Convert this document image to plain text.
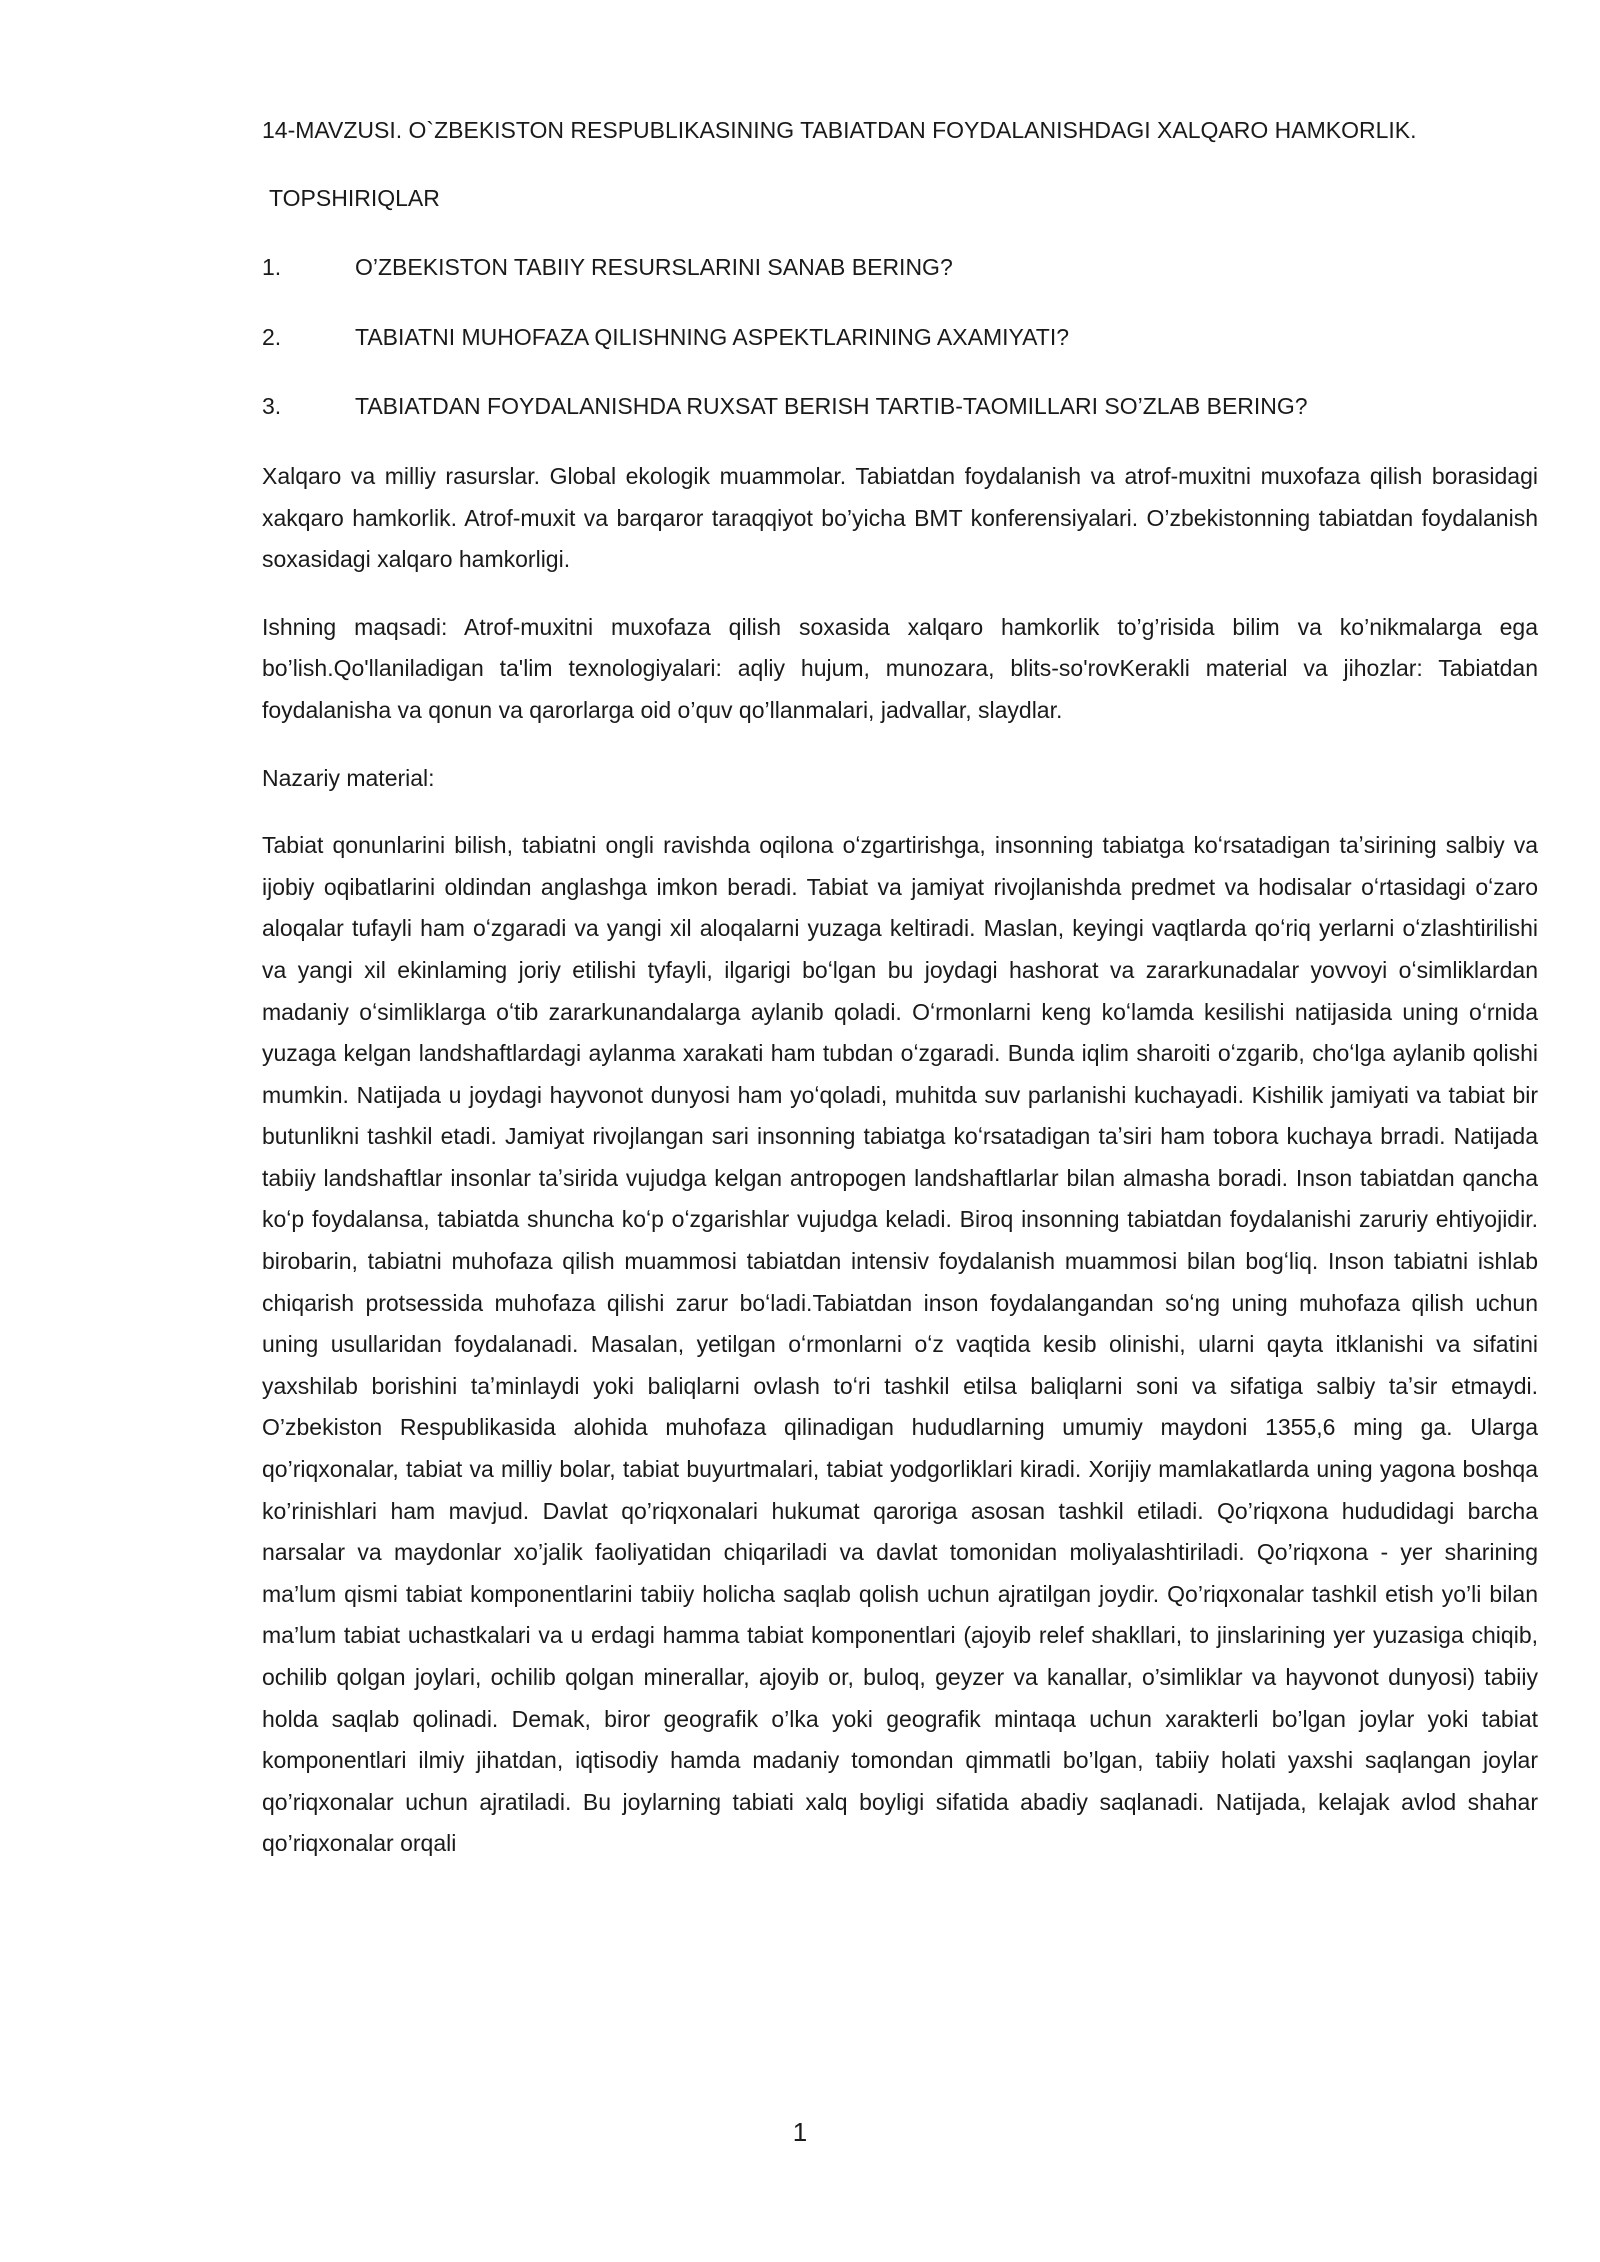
14-MAVZUSI. O`ZBEKISTON RESPUBLIKASINING TABIATDAN FOYDALANISHDAGI XALQARO HAMKORLIK.

TOPSHIRIQLAR

1.	O’ZBEKISTON TABIIY RESURSLARINI SANAB BERING?
2.	TABIATNI MUHOFAZA QILISHNING ASPEKTLARINING AXAMIYATI?
3.	TABIATDAN FOYDALANISHDA RUXSAT BERISH TARTIB-TAOMILLARI SO’ZLAB BERING?

Xalqaro va milliy rasurslar. Global ekologik muammolar. Tabiatdan foydalanish va atrof-muxitni muxofaza qilish borasidagi xakqaro hamkorlik. Atrof-muxit va barqaror taraqqiyot bo’yicha BMT konferensiyalari. O’zbekistonning tabiatdan foydalanish soxasidagi xalqaro hamkorligi.

Ishning maqsadi: Atrof-muxitni muxofaza qilish soxasida xalqaro hamkorlik to’g’risida bilim va ko’nikmalarga ega bo’lish.Qo'llaniladigan ta'lim texnologiyalari: aqliy hujum, munozara, blits-so'rovKerakli material va jihozlar: Tabiatdan foydalanisha va qonun va qarorlarga oid o’quv qo’llanmalari, jadvallar, slaydlar.

Nazariy material:

Tabiat qonunlarini bilish, tabiatni ongli ravishda oqilona oʻzgartirishga, insonning tabiatga koʻrsatadigan taʼsirining salbiy va ijobiy oqibatlarini oldindan anglashga imkon beradi. Tabiat va jamiyat rivojlanishda predmet va hodisalar oʻrtasidagi oʻzaro aloqalar tufayli ham oʻzgaradi va yangi xil aloqalarni yuzaga keltiradi. Maslan, keyingi vaqtlarda qoʻriq yerlarni oʻzlashtirilishi va yangi xil ekinlaming joriy etilishi tyfayli, ilgarigi boʻlgan bu joydagi hashorat va zararkunadalar yovvoyi oʻsimliklardan madaniy oʻsimliklarga oʻtib zararkunandalarga aylanib qoladi. Oʻrmonlarni keng koʻlamda kesilishi natijasida uning oʻrnida yuzaga kelgan landshaftlardagi aylanma xarakati ham tubdan oʻzgaradi. Bunda iqlim sharoiti oʻzgarib, choʻlga aylanib qolishi mumkin. Natijada u joydagi hayvonot dunyosi ham yoʻqoladi, muhitda suv parlanishi kuchayadi. Kishilik jamiyati va tabiat bir butunlikni tashkil etadi. Jamiyat rivojlangan sari insonning tabiatga koʻrsatadigan taʼsiri ham tobora kuchaya brradi. Natijada tabiiy landshaftlar insonlar taʼsirida vujudga kelgan antropogen landshaftlarlar bilan almasha boradi. Inson tabiatdan qancha koʻp foydalansa, tabiatda shuncha koʻp oʻzgarishlar vujudga keladi. Biroq insonning tabiatdan foydalanishi zaruriy ehtiyojidir. birobarin, tabiatni muhofaza qilish muammosi tabiatdan intensiv foydalanish muammosi bilan bogʻliq. Inson tabiatni ishlab chiqarish protsessida muhofaza qilishi zarur boʻladi.Tabiatdan inson foydalangandan soʻng uning muhofaza qilish uchun uning usullaridan foydalanadi. Masalan, yetilgan oʻrmonlarni oʻz vaqtida kesib olinishi, ularni qayta itklanishi va sifatini yaxshilab borishini taʼminlaydi yoki baliqlarni ovlash toʻri tashkil etilsa baliqlarni soni va sifatiga salbiy taʼsir etmaydi. O’zbekiston Respublikasida alohida muhofaza qilinadigan hududlarning umumiy maydoni 1355,6 ming ga. Ularga qo’riqxonalar, tabiat va milliy bolar, tabiat buyurtmalari, tabiat yodgorliklari kiradi. Xorijiy mamlakatlarda uning yagona boshqa ko’rinishlari ham mavjud. Davlat qo’riqxonalari hukumat qaroriga asosan tashkil etiladi. Qo’riqxona hududidagi barcha narsalar va maydonlar xo’jalik faoliyatidan chiqariladi va davlat tomonidan moliyalashtiriladi. Qo’riqxona - yer sharining ma’lum qismi tabiat komponentlarini tabiiy holicha saqlab qolish uchun ajratilgan joydir. Qo’riqxonalar tashkil etish yo’li bilan ma’lum tabiat uchastkalari va u erdagi hamma tabiat komponentlari (ajoyib relef shakllari, to jinslarining yer yuzasiga chiqib, ochilib qolgan joylari, ochilib qolgan minerallar, ajoyib or, buloq, geyzer va kanallar, o’simliklar va hayvonot dunyosi) tabiiy holda saqlab qolinadi. Demak, biror geografik o’lka yoki geografik mintaqa uchun xarakterli bo’lgan joylar yoki tabiat komponentlari ilmiy jihatdan, iqtisodiy hamda madaniy tomondan qimmatli bo’lgan, tabiiy holati yaxshi saqlangan joylar qo’riqxonalar uchun ajratiladi. Bu joylarning tabiati xalq boyligi sifatida abadiy saqlanadi. Natijada, kelajak avlod shahar qo’riqxonalar orqali

1
